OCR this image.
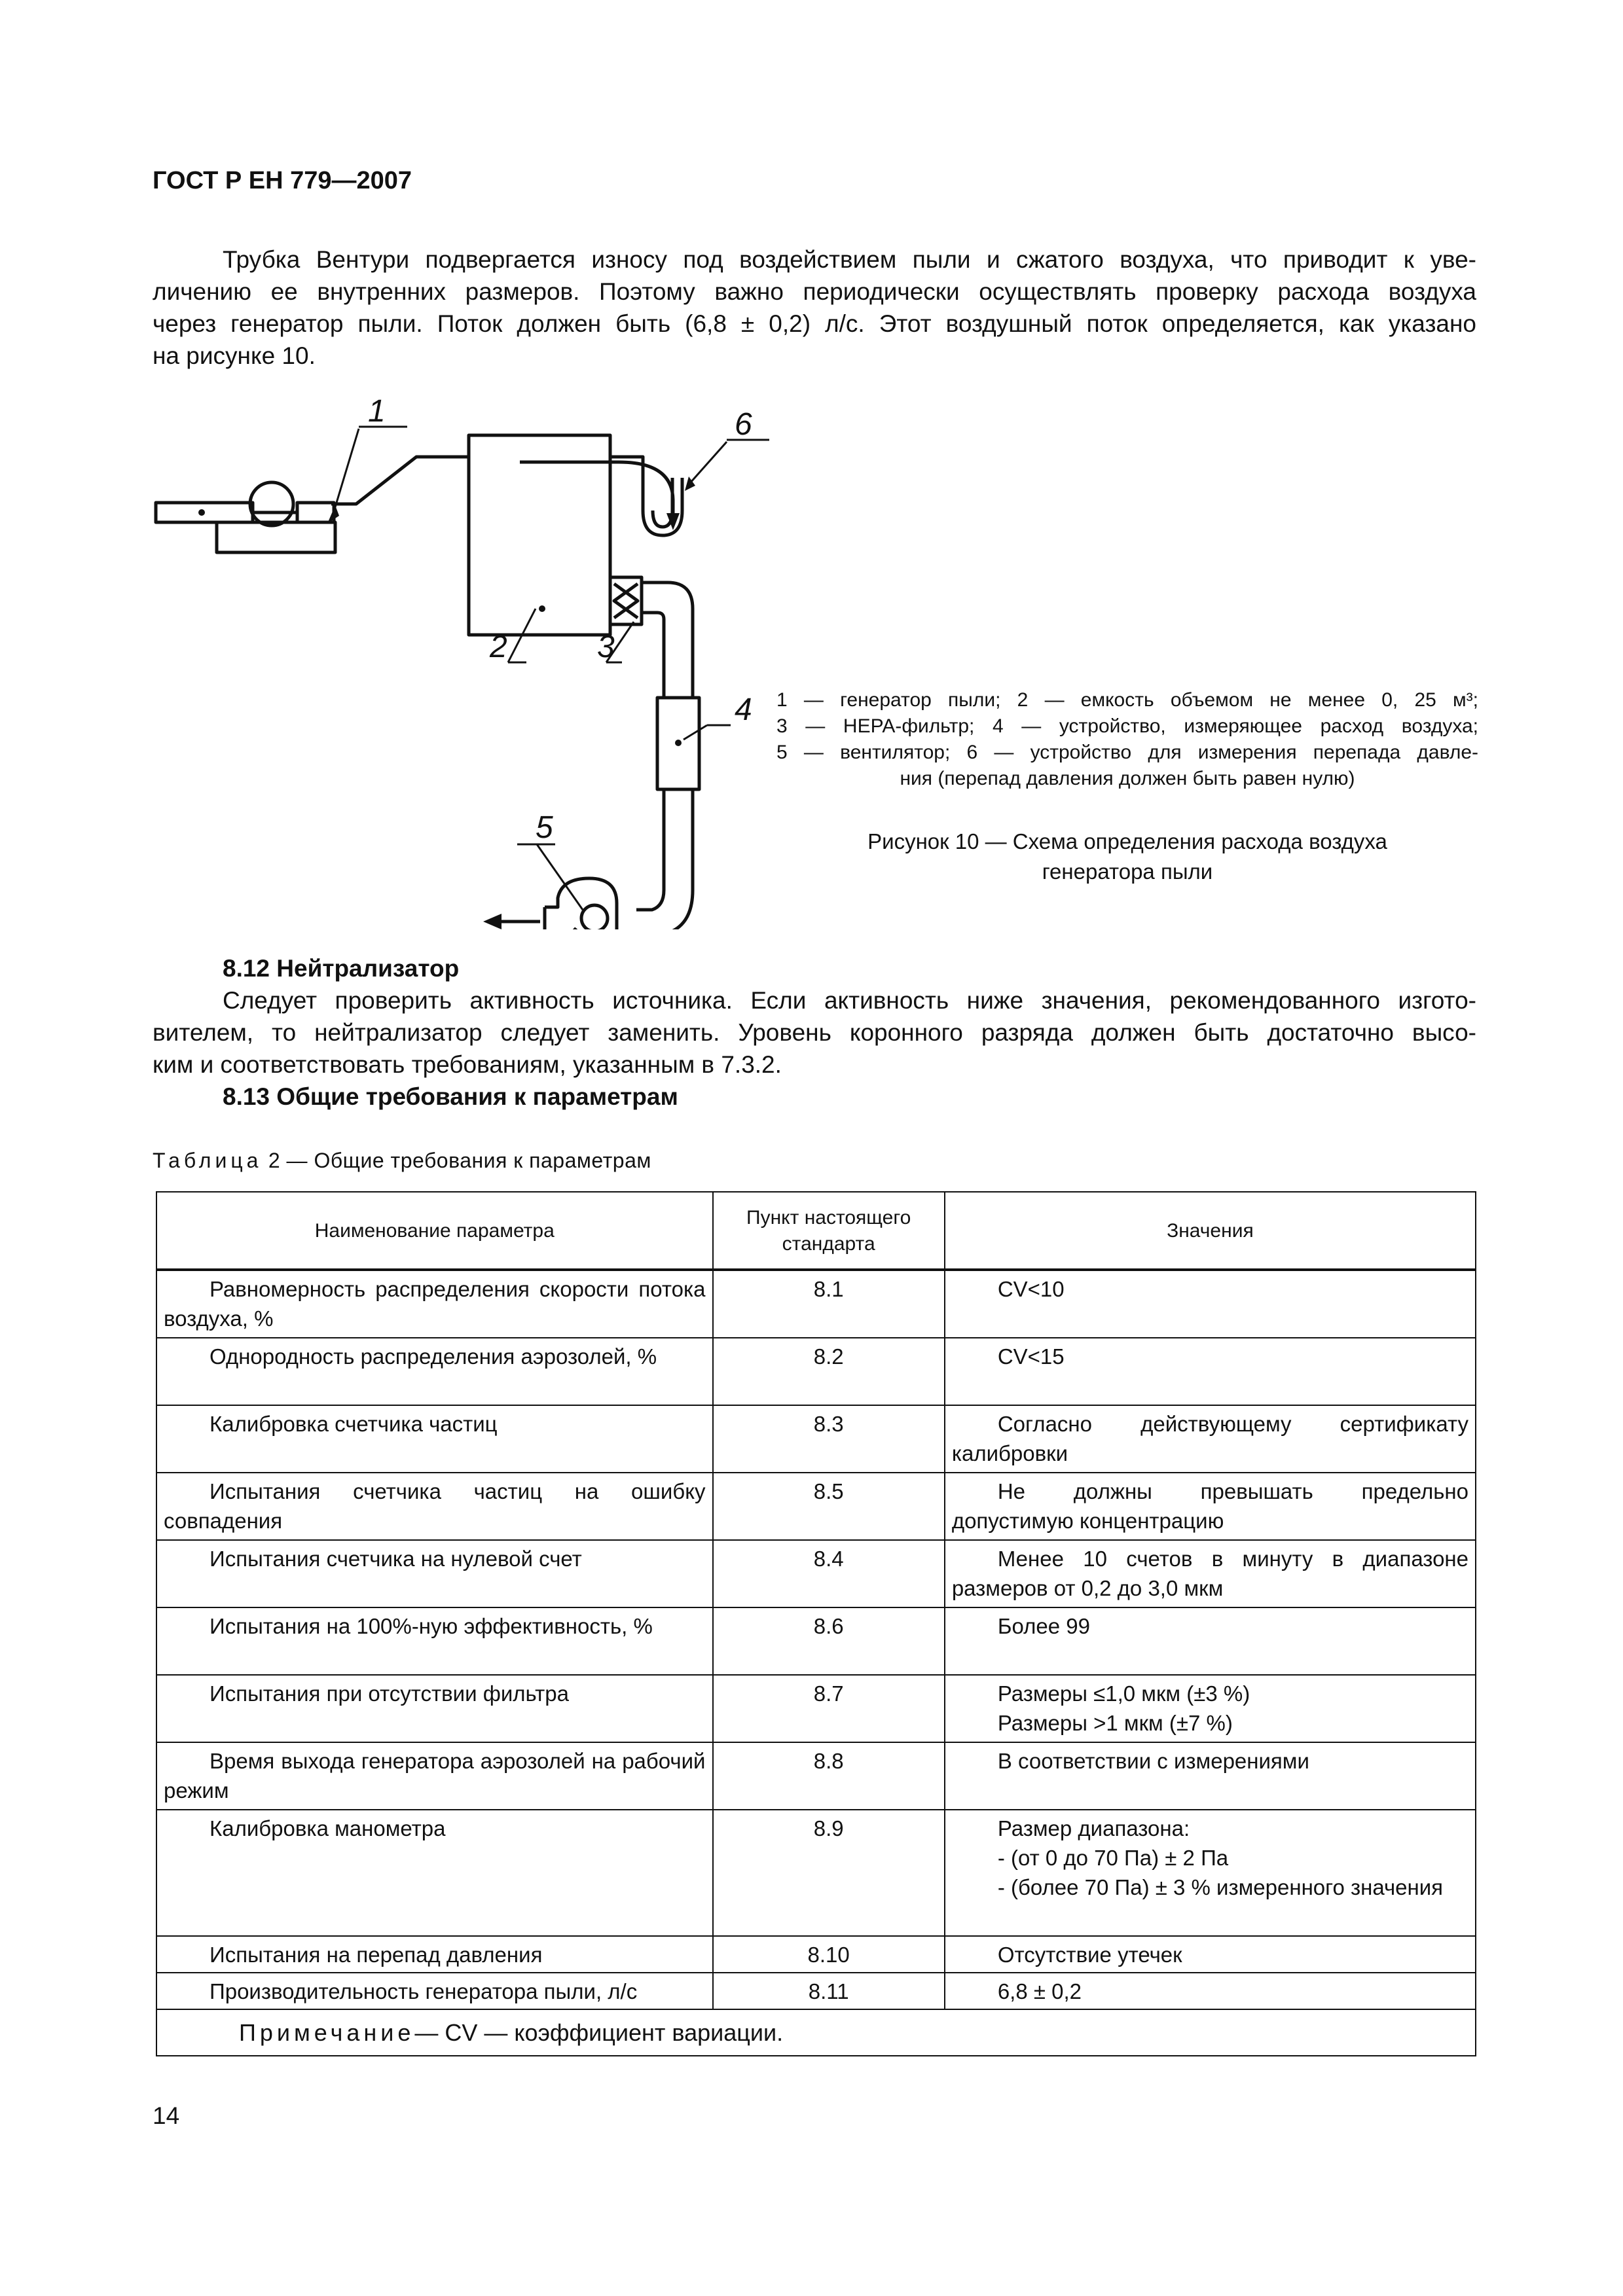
ГОСТ Р ЕН 779—2007
Трубка Вентури подвергается износу под воздействием пыли и сжатого воздуха, что приводит к уве-
личению ее внутренних размеров. Поэтому важно периодически осуществлять проверку расхода воздуха
через генератор пыли. Поток должен быть (6,8 ± 0,2) л/с. Этот воздушный поток определяется, как указано
на рисунке 10.
1	6
2	3
4
5
1 — генератор пыли; 2 — емкость объемом не менее 0, 25 м³;
3 — HEPA-фильтр; 4 — устройство, измеряющее расход воздуха;
5 — вентилятор; 6 — устройство для измерения перепада давле-
ния (перепад давления должен быть равен нулю)
Рисунок 10 — Схема определения расхода воздуха
генератора пыли
8.12 Нейтрализатор
Следует проверить активность источника. Если активность ниже значения, рекомендованного изгото-
вителем, то нейтрализатор следует заменить. Уровень коронного разряда должен быть достаточно высо-
ким и соответствовать требованиям, указанным в 7.3.2.
8.13 Общие требования к параметрам
Таблица 2 — Общие требования к параметрам
Наименование параметра	Пункт настоящего стандарта	Значения

Равномерность распределения скорости потока воздуха, %	8.1	CV<10

Однородность распределения аэрозолей, %	8.2	CV<15

Калибровка счетчика частиц	8.3	Согласно действующему сертификату калибровки

Испытания счетчика частиц на ошибку совпадения	8.5	Не должны превышать предельно допустимую концентрацию

Испытания счетчика на нулевой счет	8.4	Менее 10 счетов в минуту в диапазоне размеров от 0,2 до 3,0 мкм

Испытания на 100%-ную эффективность, %	8.6	Более 99

Испытания при отсутствии фильтра	8.7	Размеры ≤1,0 мкм (±3 %)
Размеры >1 мкм (±7 %)

Время выхода генератора аэрозолей на рабочий режим	8.8	В соответствии с измерениями

Калибровка манометра	8.9	Размер диапазона:
- (от 0 до 70 Па) ± 2 Па
- (более 70 Па) ± 3 % измеренного значения

Испытания на перепад давления	8.10	Отсутствие утечек

Производительность генератора пыли, л/с	8.11	6,8 ± 0,2

Примечание— CV — коэффициент вариации.		
14
